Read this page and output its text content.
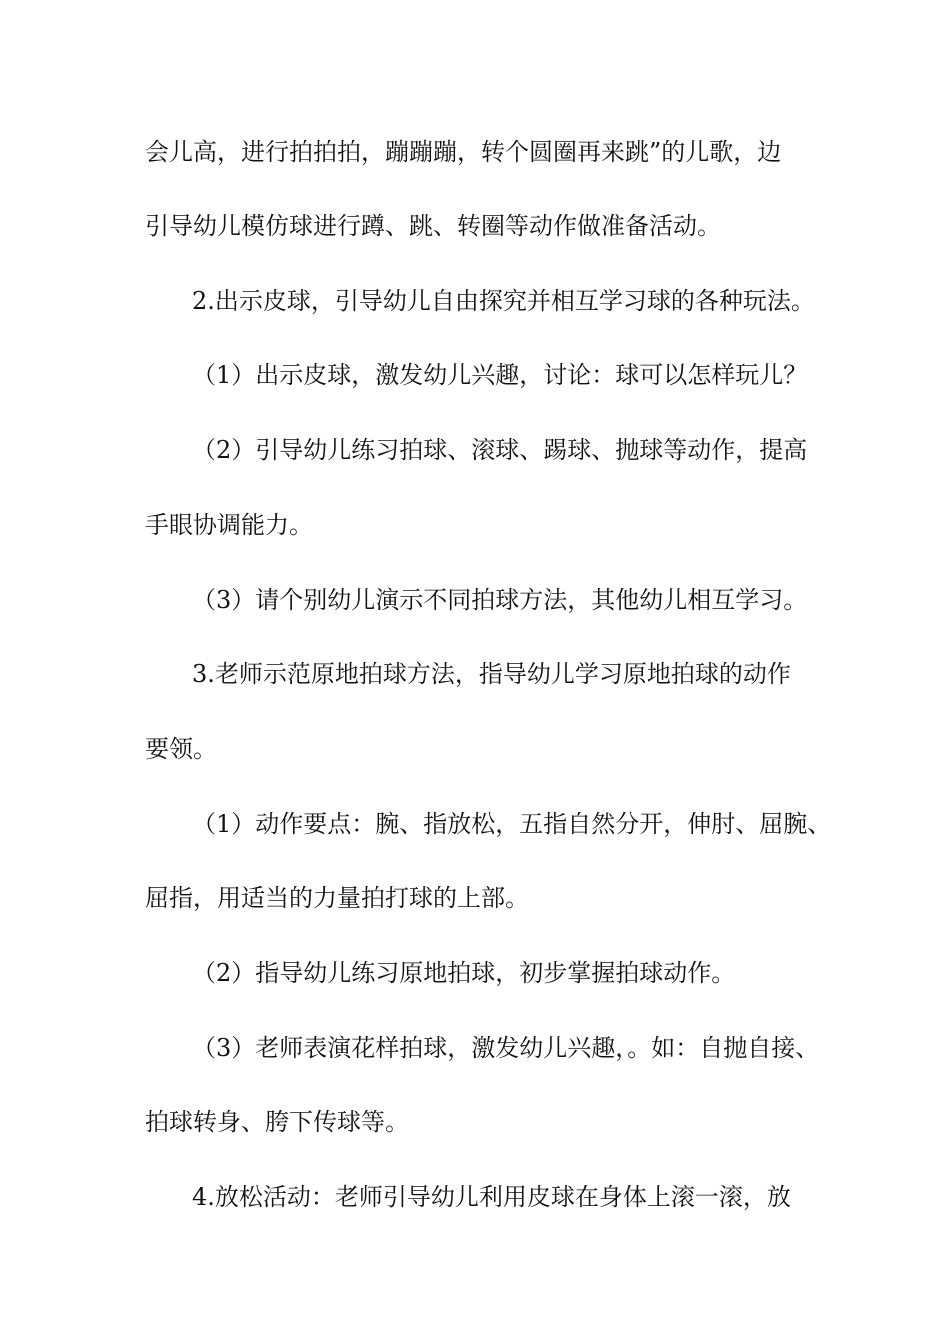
会儿高，进行拍拍拍，蹦蹦蹦，转个圆圈再来跳”的儿歌，边
引导幼儿模仿球进行蹲、跳、转圈等动作做准备活动。
2.出示皮球，引导幼儿自由探究并相互学习球的各种玩法。
（1）出示皮球，激发幼儿兴趣，讨论：球可以怎样玩儿？
（2）引导幼儿练习拍球、滚球、踢球、抛球等动作，提高
手眼协调能力。
（3）请个别幼儿演示不同拍球方法，其他幼儿相互学习。
3.老师示范原地拍球方法，指导幼儿学习原地拍球的动作
要领。
（1）动作要点：腕、指放松，五指自然分开，伸肘、屈腕、
屈指，用适当的力量拍打球的上部。
（2）指导幼儿练习原地拍球，初步掌握拍球动作。
（3）老师表演花样拍球，激发幼儿兴趣，。如：自抛自接、
拍球转身、胯下传球等。
4.放松活动：老师引导幼儿利用皮球在身体上滚一滚，放
